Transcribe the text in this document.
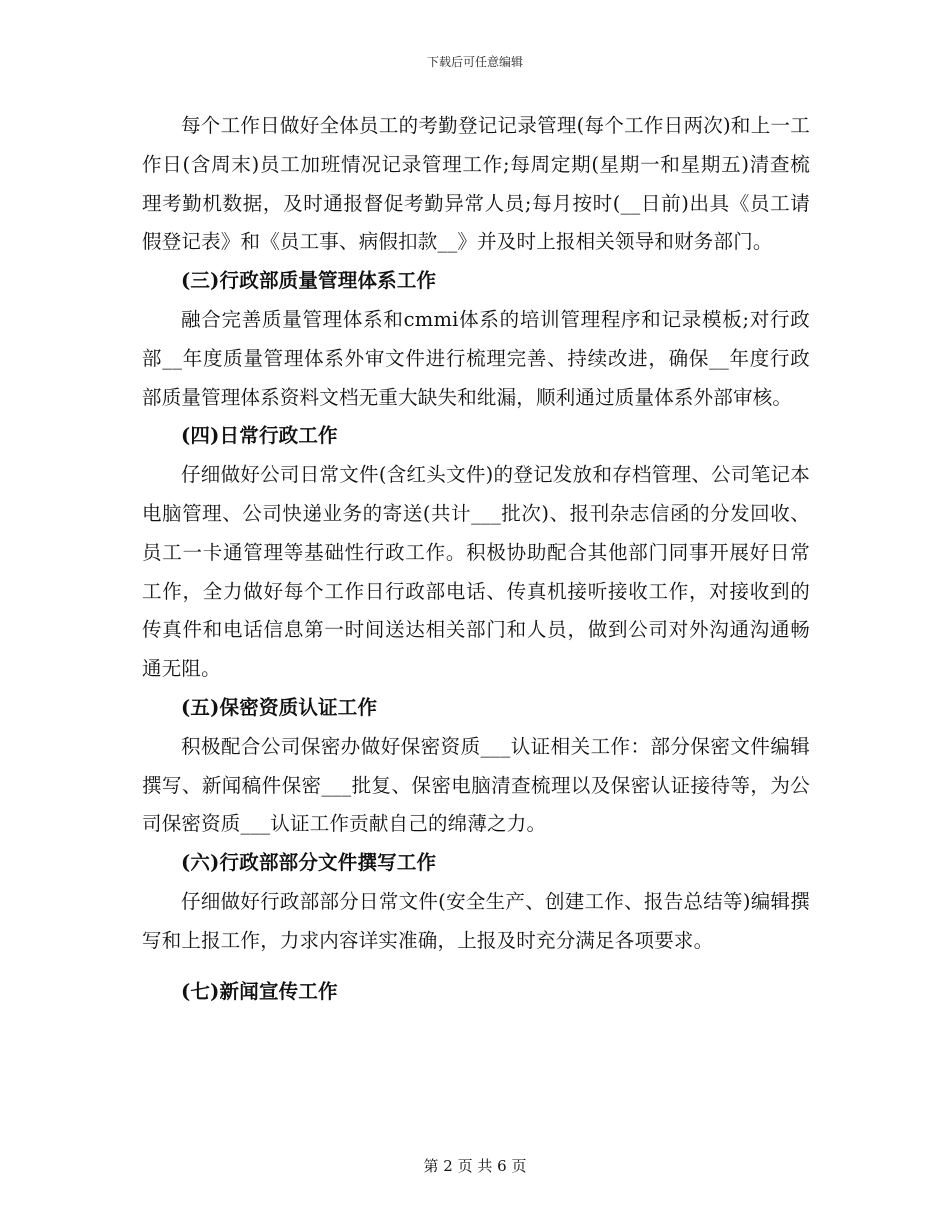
下载后可任意编辑

每个工作日做好全体员工的考勤登记记录管理(每个工作日两次)和上一工作日(含周末)员工加班情况记录管理工作;每周定期(星期一和星期五)清查梳理考勤机数据，及时通报督促考勤异常人员;每月按时(__日前)出具《员工请假登记表》和《员工事、病假扣款__》并及时上报相关领导和财务部门。

(三)行政部质量管理体系工作

融合完善质量管理体系和cmmi体系的培训管理程序和记录模板;对行政部__年度质量管理体系外审文件进行梳理完善、持续改进，确保__年度行政部质量管理体系资料文档无重大缺失和纰漏，顺利通过质量体系外部审核。

(四)日常行政工作

仔细做好公司日常文件(含红头文件)的登记发放和存档管理、公司笔记本电脑管理、公司快递业务的寄送(共计___批次)、报刊杂志信函的分发回收、员工一卡通管理等基础性行政工作。积极协助配合其他部门同事开展好日常工作，全力做好每个工作日行政部电话、传真机接听接收工作，对接收到的传真件和电话信息第一时间送达相关部门和人员，做到公司对外沟通沟通畅通无阻。

(五)保密资质认证工作

积极配合公司保密办做好保密资质___认证相关工作：部分保密文件编辑撰写、新闻稿件保密___批复、保密电脑清查梳理以及保密认证接待等，为公司保密资质___认证工作贡献自己的绵薄之力。

(六)行政部部分文件撰写工作

仔细做好行政部部分日常文件(安全生产、创建工作、报告总结等)编辑撰写和上报工作，力求内容详实准确，上报及时充分满足各项要求。

(七)新闻宣传工作
第 2 页 共 6 页
